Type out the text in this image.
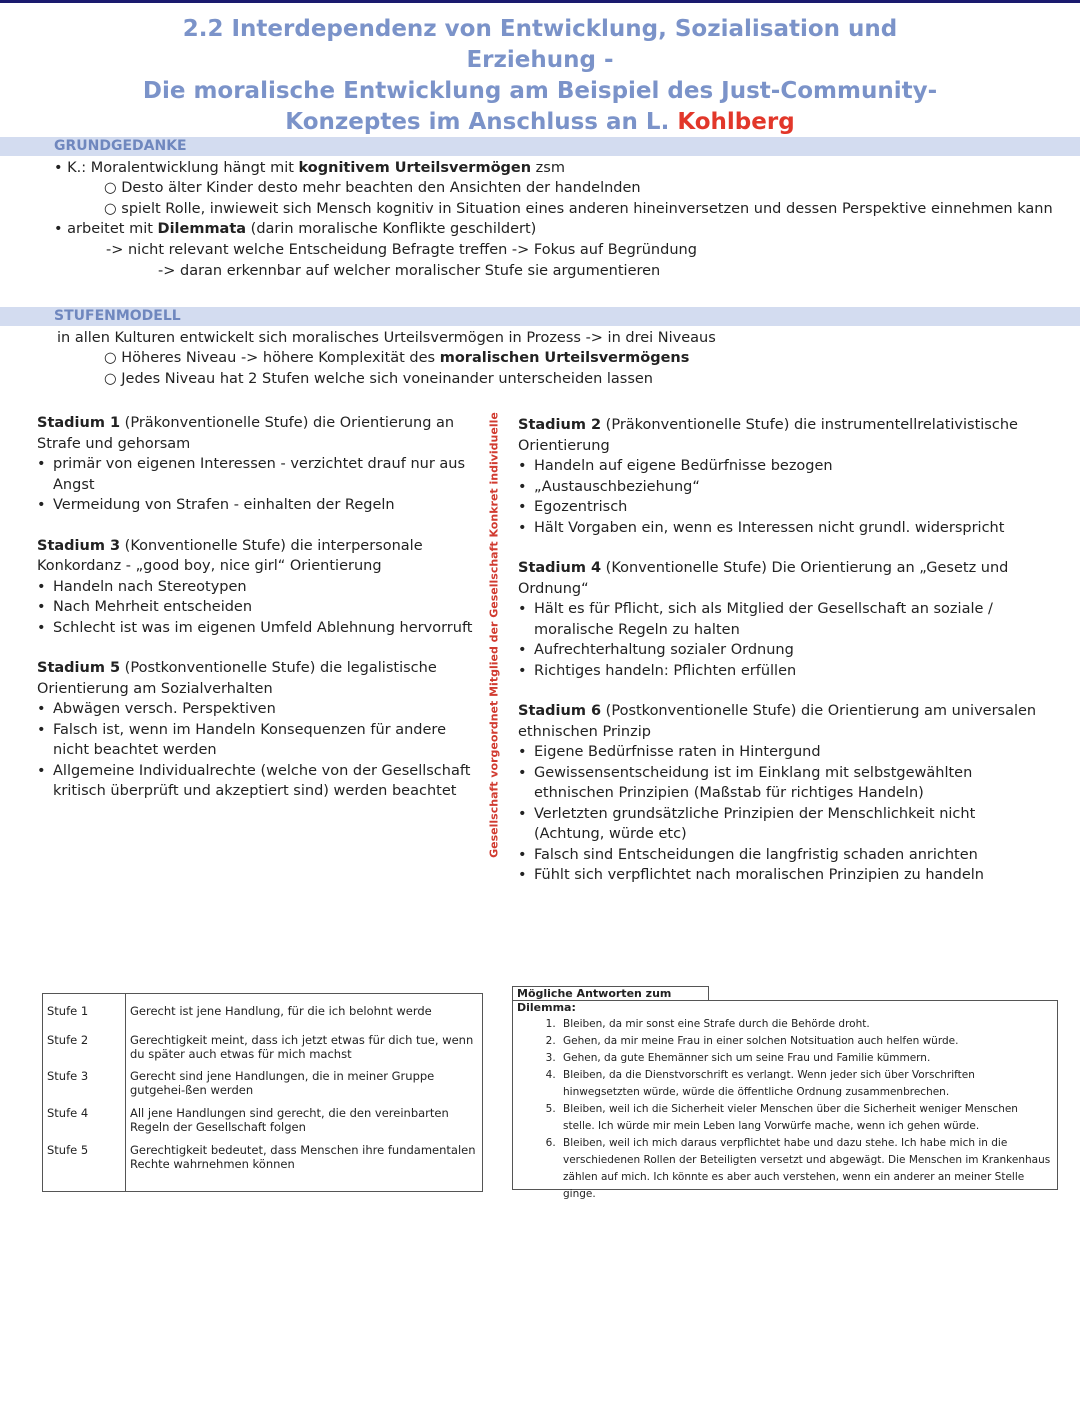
2.2 Interdependenz von Entwicklung, Sozialisation und Erziehung -
Die moralische Entwicklung am Beispiel des Just-Community-
Konzeptes im Anschluss an L. Kohlberg
GRUNDGEDANKE
• K.: Moralentwicklung hängt mit kognitivem Urteilsvermögen zsm
○ Desto älter Kinder desto mehr beachten den Ansichten der handelnden
○ spielt Rolle, inwieweit sich Mensch kognitiv in Situation eines anderen hineinversetzen und dessen Perspektive einnehmen kann
• arbeitet mit Dilemmata (darin moralische Konflikte geschildert)
-> nicht relevant welche Entscheidung Befragte treffen -> Fokus auf Begründung
-> daran erkennbar auf welcher moralischer Stufe sie argumentieren
STUFENMODELL
in allen Kulturen entwickelt sich moralisches Urteilsvermögen in Prozess -> in drei Niveaus
○ Höheres Niveau -> höhere Komplexität des moralischen Urteilsvermögens
○ Jedes Niveau hat 2 Stufen welche sich voneinander unterscheiden lassen

Stadium 1 (Präkonventionelle Stufe) die Orientierung an Strafe und gehorsam

• primär von eigenen Interessen - verzichtet drauf nur aus Angst
• Vermeidung von Strafen - einhalten der Regeln

Stadium 3 (Konventionelle Stufe) die interpersonale Konkordanz - „good boy, nice girl“ Orientierung

• Handeln nach Stereotypen
• Nach Mehrheit entscheiden
• Schlecht ist was im eigenen Umfeld Ablehnung hervorruft

Stadium 5 (Postkonventionelle Stufe) die legalistische Orientierung am Sozialverhalten

• Abwägen versch. Perspektiven
• Falsch ist, wenn im Handeln Konsequenzen für andere nicht beachtet werden
• Allgemeine Individualrechte (welche von der Gesellschaft kritisch überprüft und akzeptiert sind) werden beachtet	Gesellschaft vorgeordnet Mitglied der Gesellschaft Konkret individuelle Stadium 2 (Präkonventionelle Stufe) die instrumentellrelativistische Orientierung

• Handeln auf eigene Bedürfnisse bezogen
• „Austauschbeziehung“
• Egozentrisch
• Hält Vorgaben ein, wenn es Interessen nicht grundl. widerspricht

Stadium 4 (Konventionelle Stufe) Die Orientierung an „Gesetz und Ordnung“

• Hält es für Pflicht, sich als Mitglied der Gesellschaft an soziale / moralische Regeln zu halten
• Aufrechterhaltung sozialer Ordnung
• Richtiges handeln: Pflichten erfüllen

Stadium 6 (Postkonventionelle Stufe) die Orientierung am universalen ethnischen Prinzip

• Eigene Bedürfnisse raten in Hintergund
• Gewissensentscheidung ist im Einklang mit selbstgewählten ethnischen Prinzipien (Maßstab für richtiges Handeln)
• Verletzten grundsätzliche Prinzipien der Menschlichkeit nicht (Achtung, würde etc)
• Falsch sind Entscheidungen die langfristig schaden anrichten
• Fühlt sich verpflichtet nach moralischen Prinzipien zu handeln
Stufe 1	Gerecht ist jene Handlung, für die ich belohnt werde
Stufe 2	Gerechtigkeit meint, dass ich jetzt etwas für dich tue, wenn du später auch etwas für mich machst
Stufe 3	Gerecht sind jene Handlungen, die in meiner Gruppe gutgehei-ßen werden
Stufe 4	All jene Handlungen sind gerecht, die den vereinbarten Regeln der Gesellschaft folgen
Stufe 5	Gerechtigkeit bedeutet, dass Menschen ihre fundamentalen Rechte wahrnehmen können
Mögliche Antworten zum Dilemma:
1. Bleiben, da mir sonst eine Strafe durch die Behörde droht.
2. Gehen, da mir meine Frau in einer solchen Notsituation auch helfen würde.
3. Gehen, da gute Ehemänner sich um seine Frau und Familie kümmern.
4. Bleiben, da die Dienstvorschrift es verlangt. Wenn jeder sich über Vorschriften hinwegsetzten würde, würde die öffentliche Ordnung zusammenbrechen.
5. Bleiben, weil ich die Sicherheit vieler Menschen über die Sicherheit weniger Menschen stelle. Ich würde mir mein Leben lang Vorwürfe mache, wenn ich gehen würde.
6. Bleiben, weil ich mich daraus verpflichtet habe und dazu stehe. Ich habe mich in die verschiedenen Rollen der Beteiligten versetzt und abgewägt. Die Menschen im Krankenhaus zählen auf mich. Ich könnte es aber auch verstehen, wenn ein anderer an meiner Stelle ginge.
